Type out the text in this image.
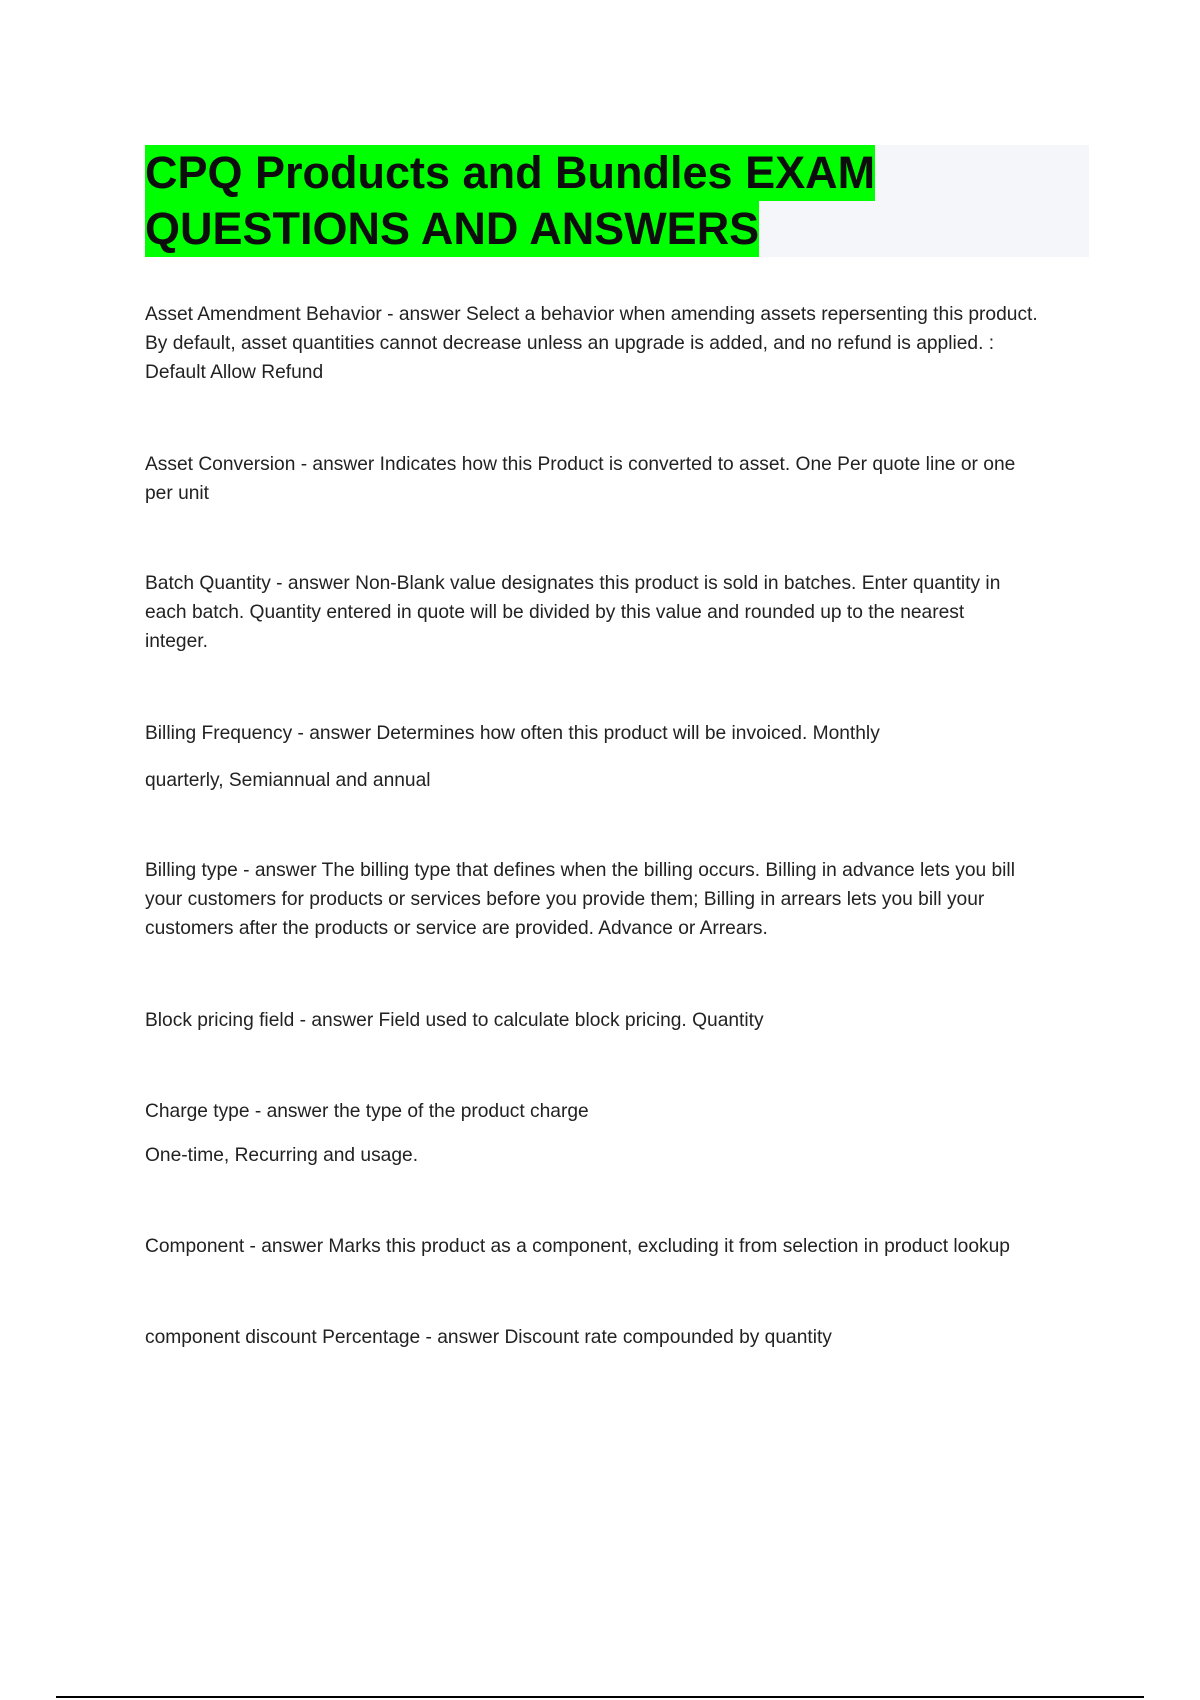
CPQ Products and Bundles EXAM
QUESTIONS AND ANSWERS

Asset Amendment Behavior - answer Select a behavior when amending assets repersenting this product.
By default, asset quantities cannot decrease unless an upgrade is added, and no refund is applied. :
Default Allow Refund

Asset Conversion - answer Indicates how this Product is converted to asset. One Per quote line or one
per unit

Batch Quantity - answer Non-Blank value designates this product is sold in batches. Enter quantity in
each batch. Quantity entered in quote will be divided by this value and rounded up to the nearest
integer.

Billing Frequency - answer Determines how often this product will be invoiced. Monthly

quarterly, Semiannual and annual

Billing type - answer The billing type that defines when the billing occurs. Billing in advance lets you bill
your customers for products or services before you provide them; Billing in arrears lets you bill your
customers after the products or service are provided. Advance or Arrears.

Block pricing field - answer Field used to calculate block pricing. Quantity

Charge type - answer the type of the product charge

One-time, Recurring and usage.

Component - answer Marks this product as a component, excluding it from selection in product lookup

component discount Percentage - answer Discount rate compounded by quantity
